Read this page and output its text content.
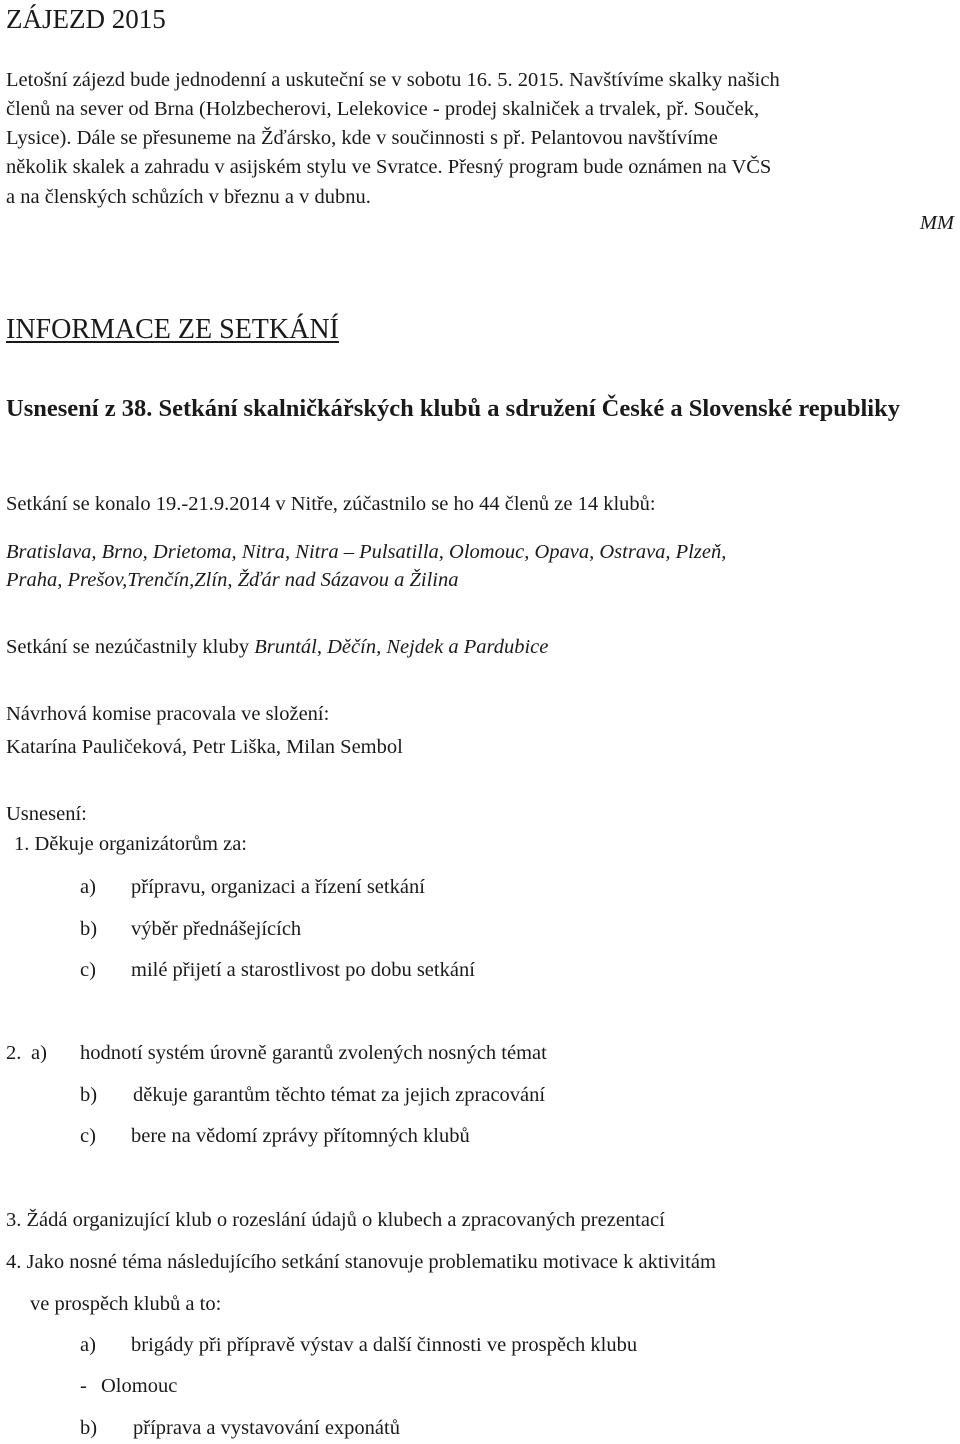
ZÁJEZD 2015
Letošní zájezd bude jednodenní a uskuteční se v sobotu 16. 5. 2015. Navštívíme skalky našich
členů na sever od Brna (Holzbecherovi, Lelekovice - prodej skalniček a trvalek, př. Souček,
Lysice). Dále se přesuneme na Žďársko, kde v součinnosti s př. Pelantovou navštívíme
několik skalek a zahradu v asijském stylu ve Svratce. Přesný program bude oznámen na VČS
a na členských schůzích v březnu a v dubnu.
MM
INFORMACE ZE SETKÁNÍ
Usnesení z 38. Setkání skalničkářských klubů a sdružení České a Slovenské republiky
Setkání se konalo 19.-21.9.2014 v Nitře, zúčastnilo se ho 44 členů ze 14 klubů:
Bratislava, Brno, Drietoma, Nitra, Nitra – Pulsatilla, Olomouc, Opava, Ostrava, Plzeň,
Praha, Prešov,Trenčín,Zlín, Žďár nad Sázavou a Žilina
Setkání se nezúčastnily kluby Bruntál, Děčín, Nejdek a Pardubice
Návrhová komise pracovala ve složení:
Katarína Pauličeková, Petr Liška, Milan Sembol
Usnesení:
1. Děkuje organizátorům za:
a) přípravu, organizaci a řízení setkání
b) výběr přednášejících
c) milé přijetí a starostlivost po dobu setkání
2. a) hodnotí systém úrovně garantů zvolených nosných témat
b) děkuje garantům těchto témat za jejich zpracování
c) bere na vědomí zprávy přítomných klubů
3. Žádá organizující klub o rozeslání údajů o klubech a zpracovaných prezentací
4. Jako nosné téma následujícího setkání stanovuje problematiku motivace k aktivitám
ve prospěch klubů a to:
a) brigády při přípravě výstav a další činnosti ve prospěch klubu
- Olomouc
b) příprava a vystavování exponátů
